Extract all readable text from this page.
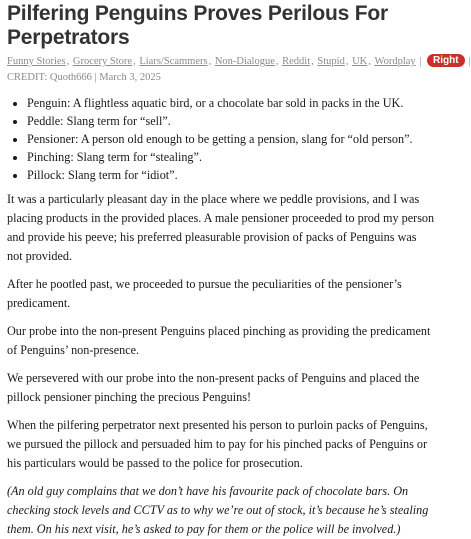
Pilfering Penguins Proves Perilous For Perpetrators
Funny Stories, Grocery Store, Liars/Scammers, Non-Dialogue, Reddit, Stupid, UK, Wordplay | Right |
CREDIT: Quoth666 | March 3, 2025
• Penguin: A flightless aquatic bird, or a chocolate bar sold in packs in the UK.
• Peddle: Slang term for “sell”.
• Pensioner: A person old enough to be getting a pension, slang for “old person”.
• Pinching: Slang term for “stealing”.
• Pillock: Slang term for “idiot”.

It was a particularly pleasant day in the place where we peddle provisions, and I was placing products in the provided places. A male pensioner proceeded to prod my person and provide his peeve; his preferred pleasurable provision of packs of Penguins was not provided.

After he pootled past, we proceeded to pursue the peculiarities of the pensioner’s predicament.

Our probe into the non-present Penguins placed pinching as providing the predicament of Penguins’ non-presence.

We persevered with our probe into the non-present packs of Penguins and placed the pillock pensioner pinching the precious Penguins!

When the pilfering perpetrator next presented his person to purloin packs of Penguins, we pursued the pillock and persuaded him to pay for his pinched packs of Penguins or his particulars would be passed to the police for prosecution.

(An old guy complains that we don’t have his favourite pack of chocolate bars. On checking stock levels and CCTV as to why we’re out of stock, it’s because he’s stealing them. On his next visit, he’s asked to pay for them or the police will be involved.)
